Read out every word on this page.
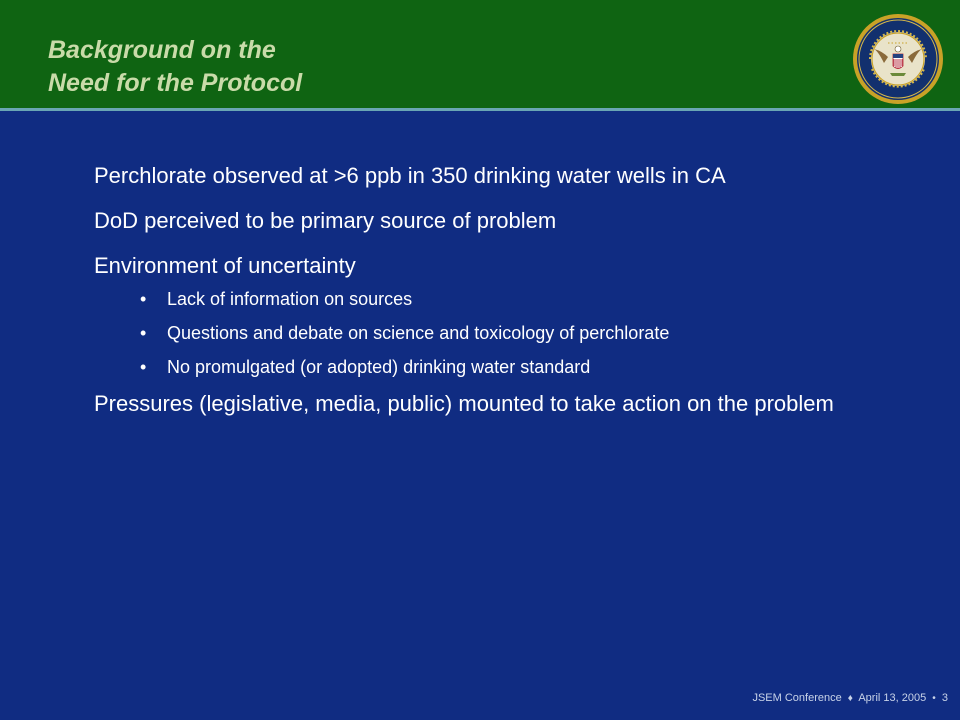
Background on the
Need for the Protocol
Perchlorate observed at >6 ppb in 350 drinking water wells in CA
DoD perceived to be primary source of problem
Environment of uncertainty
• Lack of information on sources
• Questions and debate on science and toxicology of perchlorate
• No promulgated (or adopted) drinking water standard
Pressures (legislative, media, public) mounted to take action on the problem
JSEM Conference ♦ April 13, 2005 • 3
